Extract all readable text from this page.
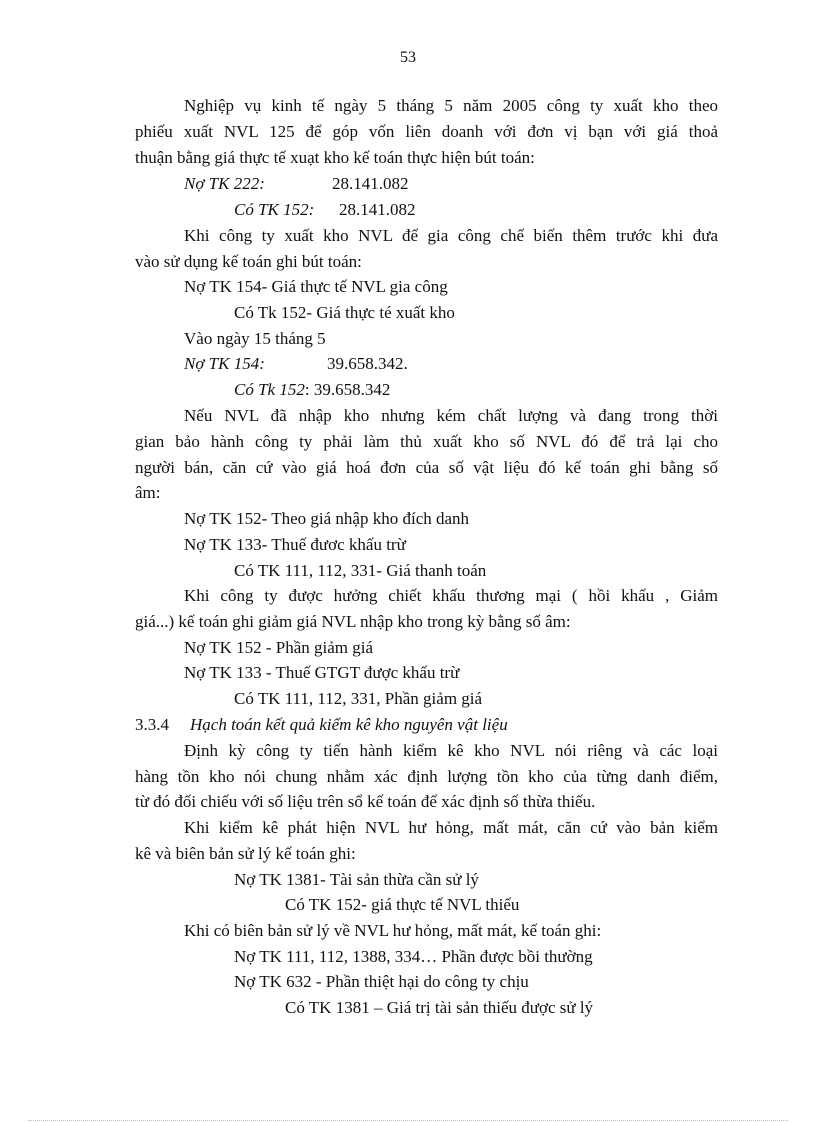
53
Nghiệp vụ kinh tế ngày 5 tháng 5 năm 2005 công ty xuất kho theo
phiếu xuất NVL 125 để góp vốn liên doanh với đơn vị bạn với giá thoả
thuận bằng giá thực tế xuạt kho kế toán thực hiện bút toán:
Nợ TK 222:	28.141.082
Có TK 152: 28.141.082
Khi công ty xuất kho NVL để gia công chế biến thêm trước khi đưa
vào sử dụng kế toán ghi bút toán:
Nợ TK 154- Giá thực tế NVL gia công
Có Tk 152- Giá thực té xuất kho
Vào ngày 15 tháng 5
Nợ TK 154:	39.658.342.
Có Tk 152: 39.658.342
Nếu NVL đã nhập kho nhưng kém chất lượng và đang trong thời
gian bảo hành công ty phải làm thủ xuất kho số NVL đó để trả lại cho
người bán, căn cứ vào giá hoá đơn của số vật liệu đó kế toán ghi bằng số
âm:
Nợ TK 152- Theo giá nhập kho đích danh
Nợ TK 133- Thuế đươc khấu trừ
Có TK 111, 112, 331- Giá thanh toán
Khi công ty được hưởng chiết khấu thương mại ( hồi khấu , Giảm
giá...) kế toán ghi giảm giá NVL nhập kho trong kỳ bằng số âm:
Nợ TK 152 - Phần giảm giá
Nợ TK 133 - Thuế GTGT được khấu trừ
Có TK 111, 112, 331, Phần giảm giá
3.3.4 Hạch toán kết quả kiểm kê kho nguyên vật liệu
Định kỳ công ty tiến hành kiểm kê kho NVL nói riêng và các loại
hàng tồn kho nói chung nhằm xác định lượng tồn kho của từng danh điểm,
từ đó đối chiếu với số liệu trên sổ kế toán để xác định số thừa thiếu.
Khi kiểm kê phát hiện NVL hư hỏng, mất mát, căn cứ vào bản kiểm
kê và biên bản sử lý kế toán ghi:
Nợ TK 1381- Tài sản thừa cần sử lý
Có TK 152- giá thực tế NVL thiếu
Khi có biên bản sử lý về NVL hư hỏng, mất mát, kế toán ghi:
Nợ TK 111, 112, 1388, 334… Phần được bồi thường
Nợ TK 632 - Phần thiệt hại do công ty chịu
Có TK 1381 – Giá trị tài sản thiếu được sử lý
